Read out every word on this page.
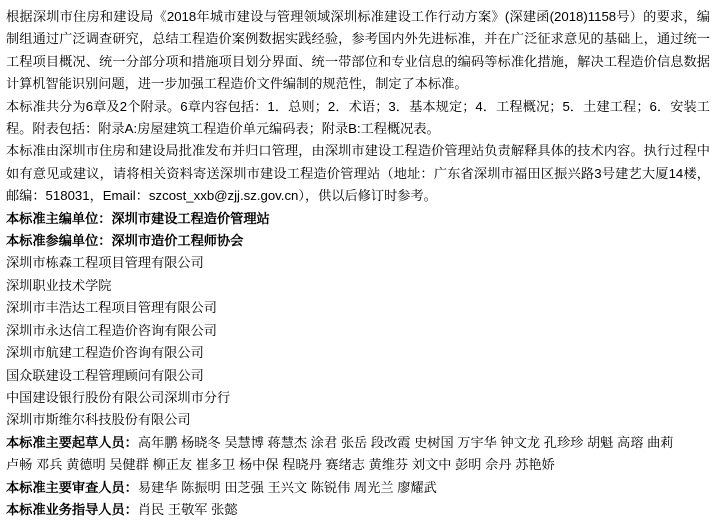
根据深圳市住房和建设局《2018年城市建设与管理领域深圳标准建设工作行动方案》(深建函(2018)1158号）的要求，编制组通过广泛调查研究，总结工程造价案例数据实践经验，参考国内外先进标准，并在广泛征求意见的基础上，通过统一工程项目概况、统一分部分项和措施项目划分界面、统一带部位和专业信息的编码等标准化措施，解决工程造价信息数据计算机智能识别问题，进一步加强工程造价文件编制的规范性，制定了本标准。

本标准共分为6章及2个附录。6章内容包括：1．总则；2．术语；3．基本规定；4．工程概况；5．土建工程；6．安装工程。附表包括：附录A:房屋建筑工程造价单元编码表；附录B:工程概况表。

本标准由深圳市住房和建设局批准发布并归口管理，由深圳市建设工程造价管理站负责解释具体的技术内容。执行过程中如有意见或建议，请将相关资料寄送深圳市建设工程造价管理站（地址：广东省深圳市福田区振兴路3号建艺大厦14楼，邮编：518031，Email：szcost_xxb@zjj.sz.gov.cn），供以后修订时参考。

本标准主编单位：深圳市建设工程造价管理站

本标准参编单位：深圳市造价工程师协会

深圳市栋森工程项目管理有限公司

深圳职业技术学院

深圳市丰浩达工程项目管理有限公司

深圳市永达信工程造价咨询有限公司

深圳市航建工程造价咨询有限公司

国众联建设工程管理顾问有限公司

中国建设银行股份有限公司深圳市分行

深圳市斯维尔科技股份有限公司

本标准主要起草人员：高年鹏 杨晓冬 吴慧博 蒋慧杰 涂君 张岳 段改霞 史树国 万宇华 钟文龙 孔珍珍 胡魁 高瑢 曲莉

卢畅 邓兵 黄德明 吴健群 柳正友 崔多卫 杨中保 程晓丹 赛绪志 黄维芬 刘文中 彭明 佘丹 苏艳娇

本标准主要审查人员：易建华 陈振明 田芝强 王兴文 陈锐伟 周光兰 廖耀武

本标准业务指导人员：肖民 王敬军 张懿
